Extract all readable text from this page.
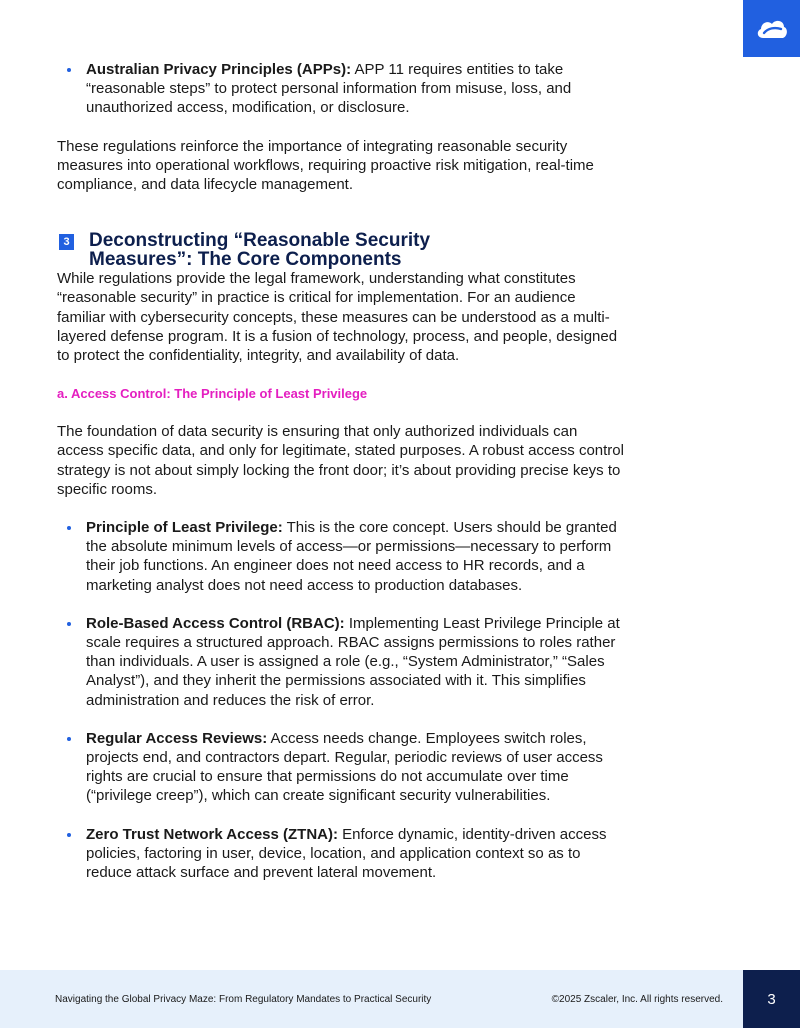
Australian Privacy Principles (APPs): APP 11 requires entities to take “reasonable steps” to protect personal information from misuse, loss, and unauthorized access, modification, or disclosure.

These regulations reinforce the importance of integrating reasonable security measures into operational workflows, requiring proactive risk mitigation, real-time compliance, and data lifecycle management.

3 Deconstructing “Reasonable Security
Measures”: The Core Components

While regulations provide the legal framework, understanding what constitutes “reasonable security” in practice is critical for implementation. For an audience familiar with cybersecurity concepts, these measures can be understood as a multi-layered defense program. It is a fusion of technology, process, and people, designed to protect the confidentiality, integrity, and availability of data.

a. Access Control: The Principle of Least Privilege

The foundation of data security is ensuring that only authorized individuals can access specific data, and only for legitimate, stated purposes. A robust access control strategy is not about simply locking the front door; it’s about providing precise keys to specific rooms.

Principle of Least Privilege: This is the core concept. Users should be granted the absolute minimum levels of access—or permissions—necessary to perform their job functions. An engineer does not need access to HR records, and a marketing analyst does not need access to production databases.
Role-Based Access Control (RBAC): Implementing Least Privilege Principle at scale requires a structured approach. RBAC assigns permissions to roles rather than individuals. A user is assigned a role (e.g., “System Administrator,” “Sales Analyst”), and they inherit the permissions associated with it. This simplifies administration and reduces the risk of error.
Regular Access Reviews: Access needs change. Employees switch roles, projects end, and contractors depart. Regular, periodic reviews of user access rights are crucial to ensure that permissions do not accumulate over time (“privilege creep”), which can create significant security vulnerabilities.
Zero Trust Network Access (ZTNA): Enforce dynamic, identity-driven access policies, factoring in user, device, location, and application context so as to reduce attack surface and prevent lateral movement.
Navigating the Global Privacy Maze: From Regulatory Mandates to Practical Security	©2025 Zscaler, Inc. All rights reserved.	3
